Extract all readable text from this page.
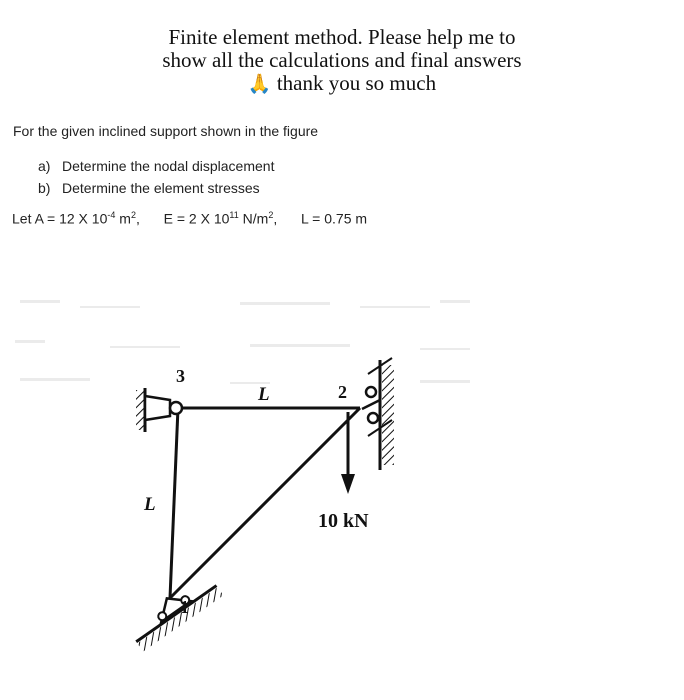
Finite element method. Please help me to
show all the calculations and final answers
🙏 thank you so much
For the given inclined support shown in the figure
a) Determine the nodal displacement
b) Determine the element stresses
Let A = 12 X $10^{-4}$ $m^2$, E = 2 X $10^{11}$ $N/m^2$, L = 0.75 m
3
2
1
L
L
10 kN
